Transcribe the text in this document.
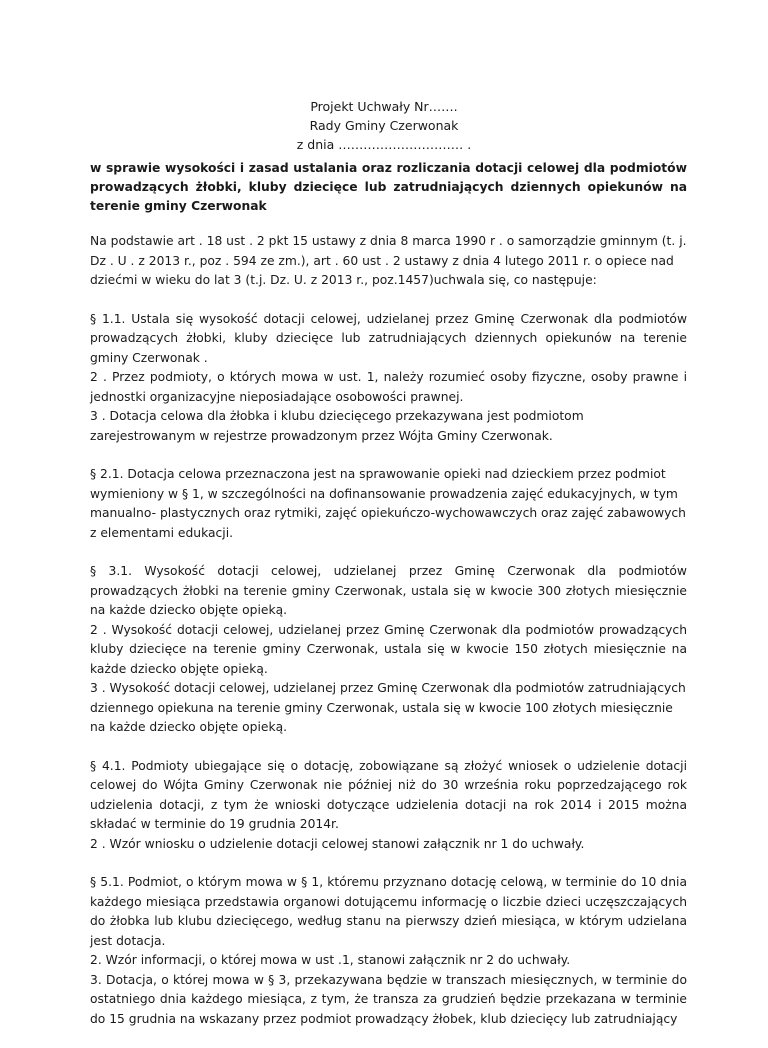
Projekt Uchwały Nr…….
Rady Gminy Czerwonak
z dnia ………………………… .

w sprawie wysokości i zasad ustalania oraz rozliczania dotacji celowej dla podmiotów prowadzących żłobki, kluby dziecięce lub zatrudniających dziennych opiekunów na terenie gminy Czerwonak

Na podstawie art . 18 ust . 2 pkt 15 ustawy z dnia 8 marca 1990 r . o samorządzie gminnym (t. j. Dz . U . z 2013 r., poz . 594 ze zm.), art . 60 ust . 2 ustawy z dnia 4 lutego 2011 r. o opiece nad dziećmi w wieku do lat 3 (t.j. Dz. U. z 2013 r., poz.1457)uchwala się, co następuje:

§ 1.1. Ustala się wysokość dotacji celowej, udzielanej przez Gminę Czerwonak dla podmiotów prowadzących żłobki, kluby dziecięce lub zatrudniających dziennych opiekunów na terenie gminy Czerwonak .

2 . Przez podmioty, o których mowa w ust. 1, należy rozumieć osoby fizyczne, osoby prawne i jednostki organizacyjne nieposiadające osobowości prawnej.

3 . Dotacja celowa dla żłobka i klubu dziecięcego przekazywana jest podmiotom zarejestrowanym w rejestrze prowadzonym przez Wójta Gminy Czerwonak.

§ 2.1. Dotacja celowa przeznaczona jest na sprawowanie opieki nad dzieckiem przez podmiot wymieniony w § 1, w szczególności na dofinansowanie prowadzenia zajęć edukacyjnych, w tym manualno- plastycznych oraz rytmiki, zajęć opiekuńczo-wychowawczych oraz zajęć zabawowych z elementami edukacji.

§ 3.1. Wysokość dotacji celowej, udzielanej przez Gminę Czerwonak dla podmiotów prowadzących żłobki na terenie gminy Czerwonak, ustala się w kwocie 300 złotych miesięcznie na każde dziecko objęte opieką.

2 . Wysokość dotacji celowej, udzielanej przez Gminę Czerwonak dla podmiotów prowadzących kluby dziecięce na terenie gminy Czerwonak, ustala się w kwocie 150 złotych miesięcznie na każde dziecko objęte opieką.

3 . Wysokość dotacji celowej, udzielanej przez Gminę Czerwonak dla podmiotów zatrudniających dziennego opiekuna na terenie gminy Czerwonak, ustala się w kwocie 100 złotych miesięcznie na każde dziecko objęte opieką.

§ 4.1. Podmioty ubiegające się o dotację, zobowiązane są złożyć wniosek o udzielenie dotacji celowej do Wójta Gminy Czerwonak nie później niż do 30 września roku poprzedzającego rok udzielenia dotacji, z tym że wnioski dotyczące udzielenia dotacji na rok 2014 i 2015 można składać w terminie do 19 grudnia 2014r.

2 . Wzór wniosku o udzielenie dotacji celowej stanowi załącznik nr 1 do uchwały.

§ 5.1. Podmiot, o którym mowa w § 1, któremu przyznano dotację celową, w terminie do 10 dnia każdego miesiąca przedstawia organowi dotującemu informację o liczbie dzieci uczęszczających do żłobka lub klubu dziecięcego, według stanu na pierwszy dzień miesiąca, w którym udzielana jest dotacja.

2. Wzór informacji, o której mowa w ust .1, stanowi załącznik nr 2 do uchwały.

3. Dotacja, o której mowa w § 3, przekazywana będzie w transzach miesięcznych, w terminie do ostatniego dnia każdego miesiąca, z tym, że transza za grudzień będzie przekazana w terminie do 15 grudnia na wskazany przez podmiot prowadzący żłobek, klub dziecięcy lub zatrudniający
